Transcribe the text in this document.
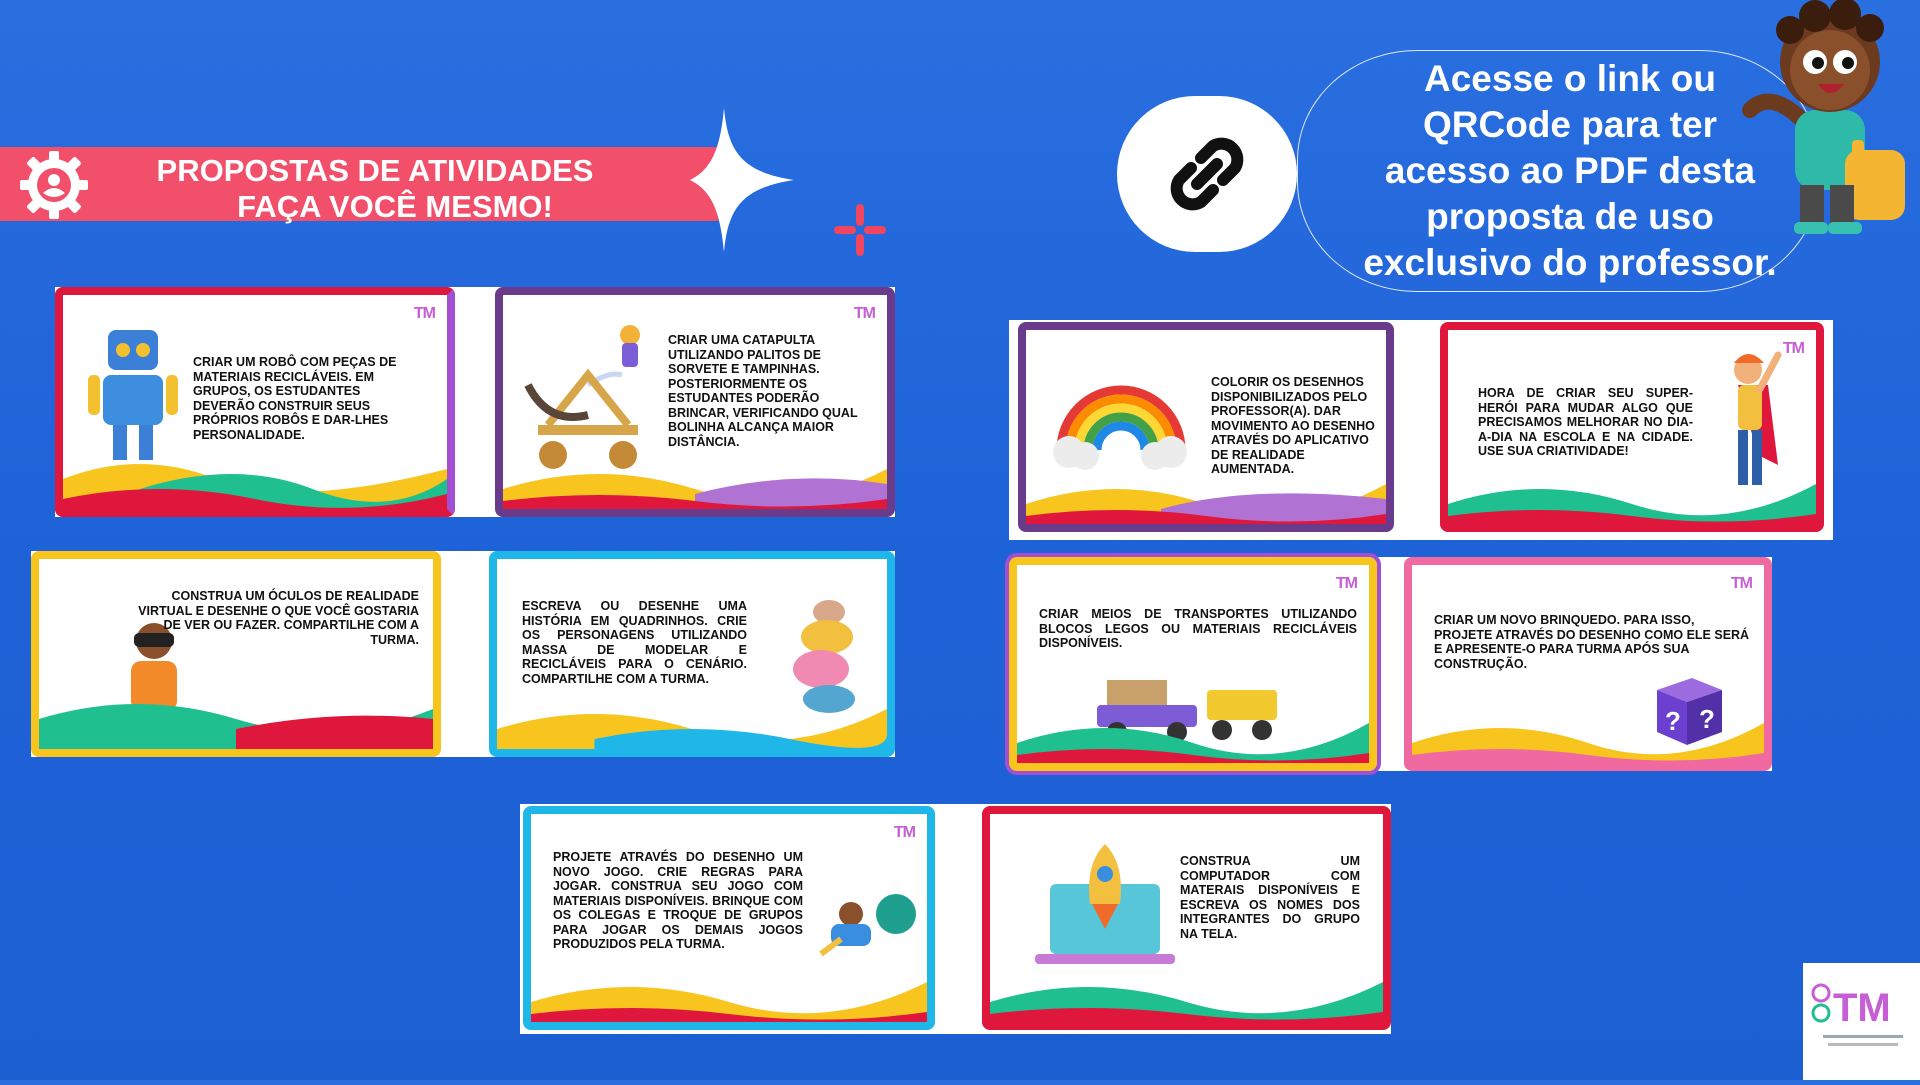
PROPOSTAS DE ATIVIDADES
FAÇA VOCÊ MESMO!
Acesse o link ou
QRCode para ter
acesso ao PDF desta
proposta de uso
exclusivo do professor.
PROPOSTA 6	TM
CRIAR UM ROBÔ COM PEÇAS DE MATERIAIS RECICLÁVEIS. EM GRUPOS, OS ESTUDANTES DEVERÃO CONSTRUIR SEUS PRÓPRIOS ROBÔS E DAR-LHES PERSONALIDADE.
PROPOSTA 2	TM
CRIAR UMA CATAPULTA UTILIZANDO PALITOS DE SORVETE E TAMPINHAS. POSTERIORMENTE OS ESTUDANTES PODERÃO BRINCAR, VERIFICANDO QUAL BOLINHA ALCANÇA MAIOR DISTÂNCIA.
PROPOSTA 7
CONSTRUA UM ÓCULOS DE REALIDADE VIRTUAL E DESENHE O QUE VOCÊ GOSTARIA DE VER OU FAZER. COMPARTILHE COM A TURMA.
PROPOSTA 8
ESCREVA OU DESENHE UMA HISTÓRIA EM QUADRINHOS. CRIE OS PERSONAGENS UTILIZANDO MASSA DE MODELAR E RECICLÁVEIS PARA O CENÁRIO. COMPARTILHE COM A TURMA.
PROPOSTA 3
COLORIR OS DESENHOS DISPONIBILIZADOS PELO PROFESSOR(A). DAR MOVIMENTO AO DESENHO ATRAVÉS DO APLICATIVO DE REALIDADE AUMENTADA.
PROPOSTA 10	TM
HORA DE CRIAR SEU SUPER-HERÓI PARA MUDAR ALGO QUE PRECISAMOS MELHORAR NO DIA-A-DIA NA ESCOLA E NA CIDADE. USE SUA CRIATIVIDADE!
PROPOSTA 5	TM
CRIAR MEIOS DE TRANSPORTES UTILIZANDO BLOCOS LEGOS OU MATERIAIS RECICLÁVEIS DISPONÍVEIS.
PROPOSTA 4	TM
CRIAR UM NOVO BRINQUEDO. PARA ISSO, PROJETE ATRAVÉS DO DESENHO COMO ELE SERÁ E APRESENTE-O PARA TURMA APÓS SUA CONSTRUÇÃO.
? ?
PROPOSTA 9	TM
PROJETE ATRAVÉS DO DESENHO UM NOVO JOGO. CRIE REGRAS PARA JOGAR. CONSTRUA SEU JOGO COM MATERIAIS DISPONÍVEIS. BRINQUE COM OS COLEGAS E TROQUE DE GRUPOS PARA JOGAR OS DEMAIS JOGOS PRODUZIDOS PELA TURMA.
PROPOSTA 6
CONSTRUA UM COMPUTADOR COM MATERAIS DISPONÍVEIS E ESCREVA OS NOMES DOS INTEGRANTES DO GRUPO NA TELA.
TM
